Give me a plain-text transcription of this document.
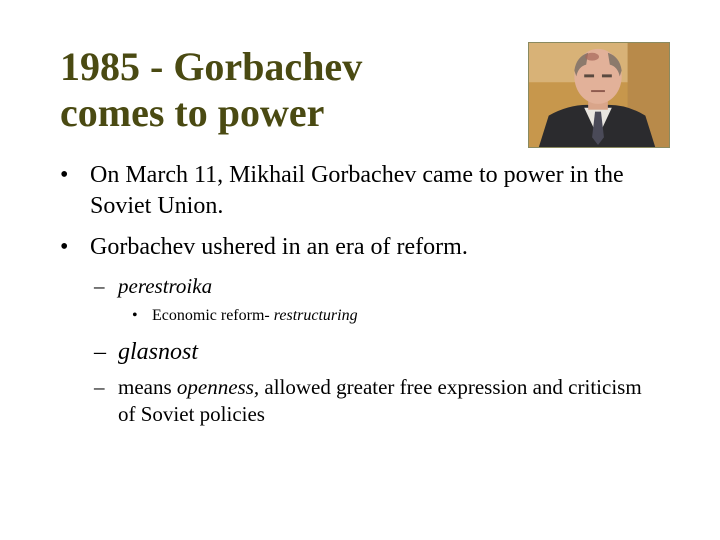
1985 - Gorbachev
comes to power
• On March 11, Mikhail Gorbachev came to power in the Soviet Union.
• Gorbachev ushered in an era of reform.
– perestroika
• Economic reform- restructuring
– glasnost
– means openness, allowed greater free expression and criticism of Soviet policies
